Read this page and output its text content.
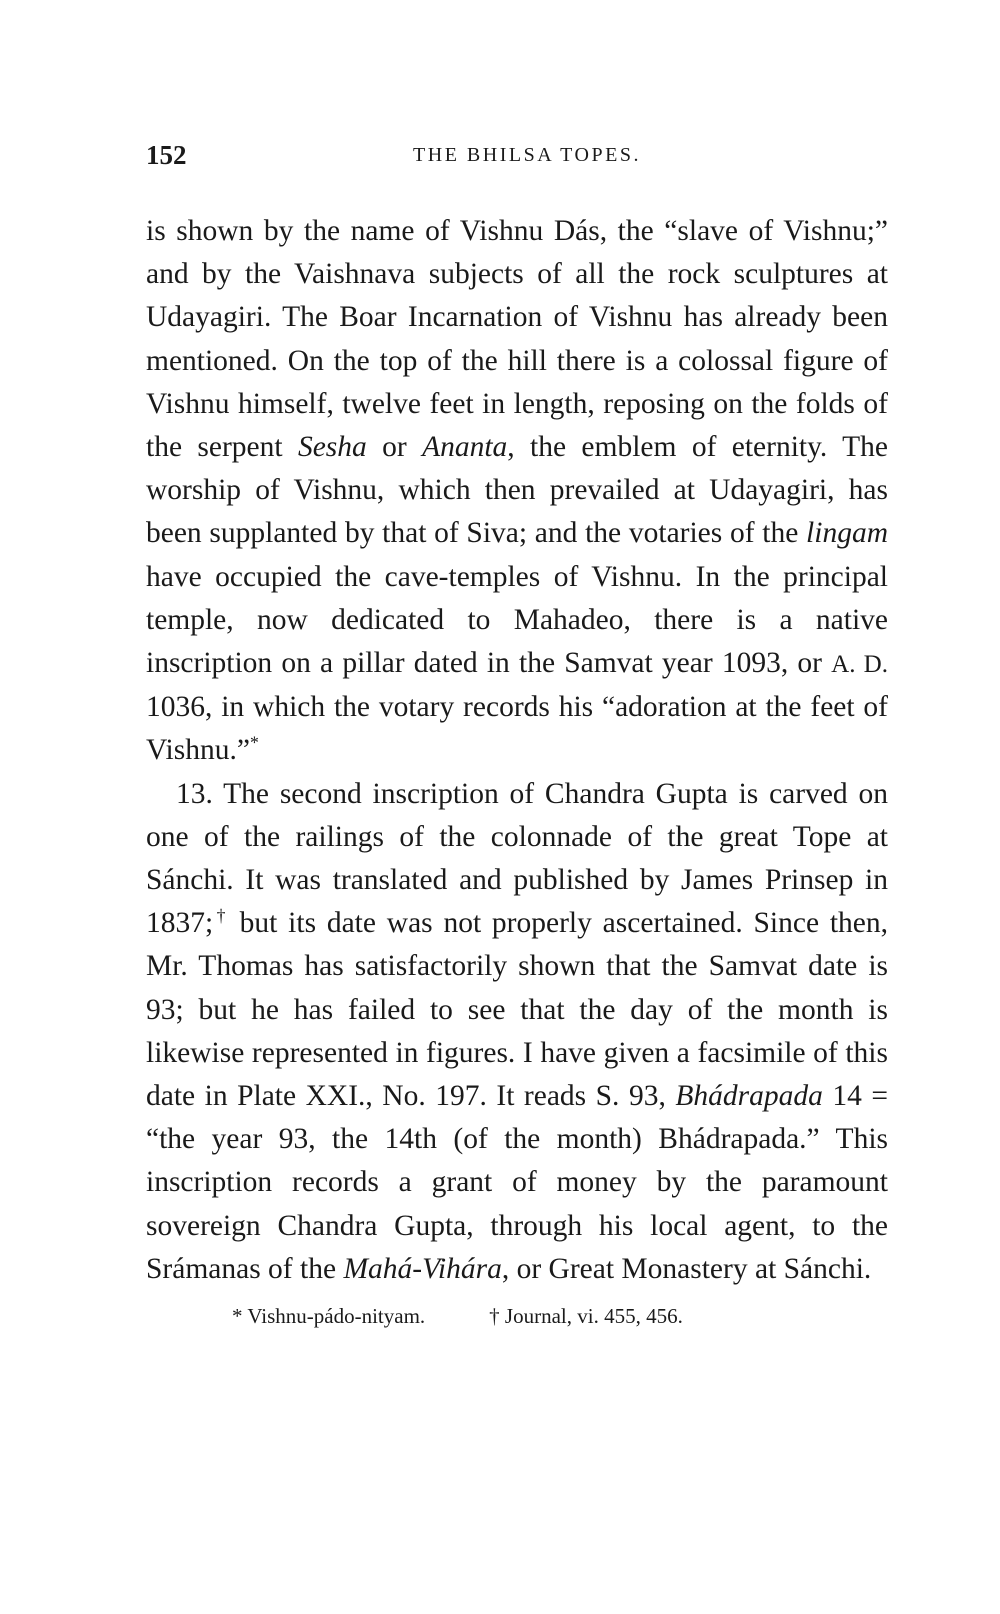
152	THE BHILSA TOPES.

is shown by the name of Vishnu Dás, the “slave of Vishnu;” and by the Vaishnava subjects of all the rock sculptures at Udayagiri. The Boar Incarnation of Vishnu has already been mentioned. On the top of the hill there is a colossal figure of Vishnu himself, twelve feet in length, reposing on the folds of the serpent Sesha or Ananta, the emblem of eternity. The worship of Vishnu, which then prevailed at Udayagiri, has been supplanted by that of Siva; and the votaries of the lingam have occupied the cave-temples of Vishnu. In the principal temple, now dedicated to Mahadeo, there is a native inscription on a pillar dated in the Samvat year 1093, or A. D. 1036, in which the votary records his “adoration at the feet of Vishnu.”*

13. The second inscription of Chandra Gupta is carved on one of the railings of the colonnade of the great Tope at Sánchi. It was translated and published by James Prinsep in 1837;† but its date was not properly ascertained. Since then, Mr. Thomas has satisfactorily shown that the Samvat date is 93; but he has failed to see that the day of the month is likewise represented in figures. I have given a facsimile of this date in Plate XXI., No. 197. It reads S. 93, Bhádrapada 14 = “the year 93, the 14th (of the month) Bhádrapada.” This inscription records a grant of money by the paramount sovereign Chandra Gupta, through his local agent, to the Srámanas of the Mahá-Vihára, or Great Monastery at Sánchi.

* Vishnu-pádo-nityam.	† Journal, vi. 455, 456.
